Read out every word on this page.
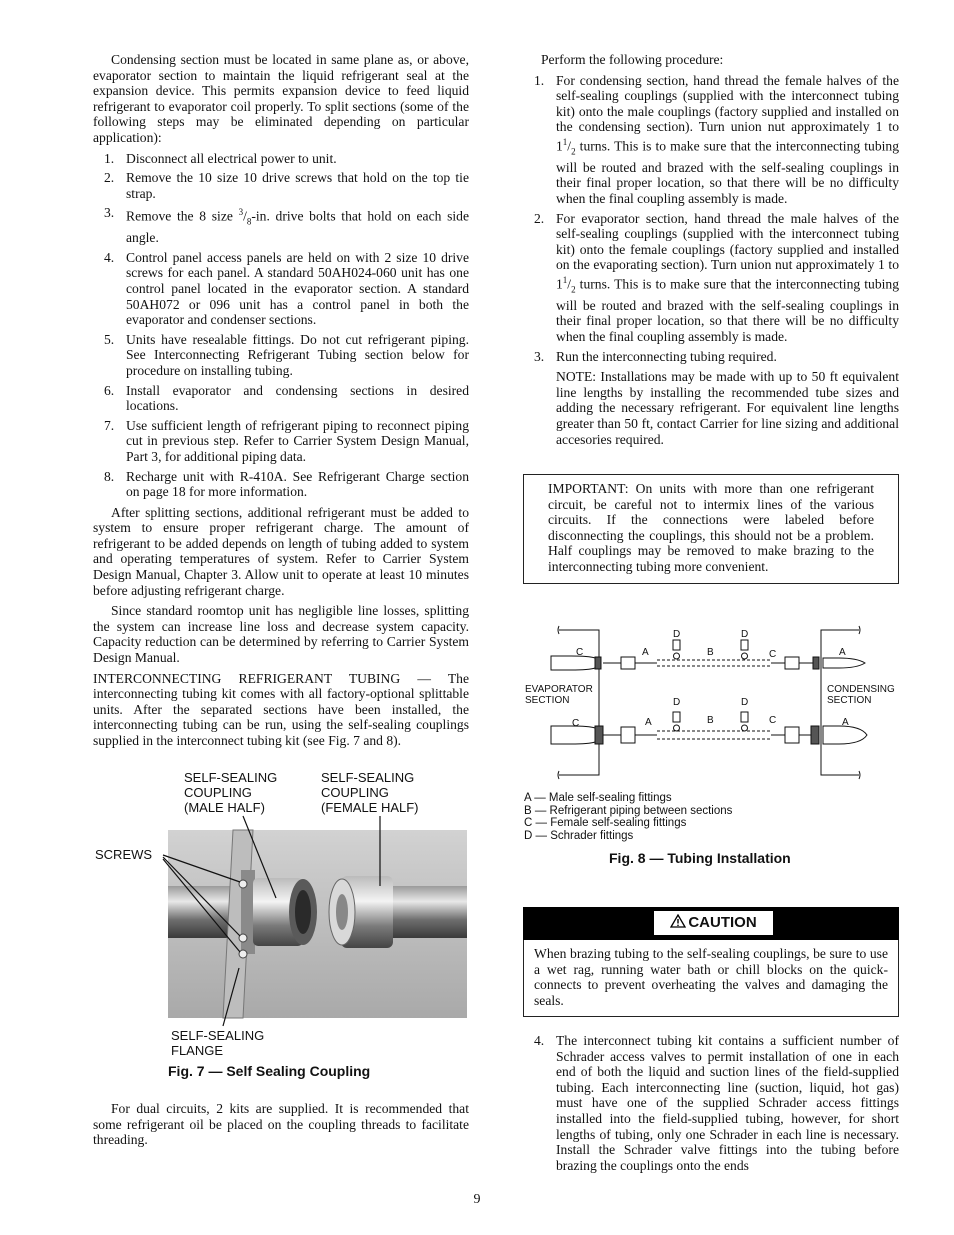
Condensing section must be located in same plane as, or above, evaporator section to maintain the liquid refrigerant seal at the expansion device. This permits expansion device to feed liquid refrigerant to evaporator coil properly. To split sections (some of the following steps may be eliminated depending on particular application):

1. Disconnect all electrical power to unit.
2. Remove the 10 size 10 drive screws that hold on the top tie strap.
3. Remove the 8 size $^3/_8-in$. drive bolts that hold on each side angle.
4. Control panel access panels are held on with 2 size 10 drive screws for each panel. A standard 50AH024-060 unit has one control panel located in the evaporator section. A standard 50AH072 or 096 unit has a control panel in both the evaporator and condenser sections.
5. Units have resealable fittings. Do not cut refrigerant piping. See Interconnecting Refrigerant Tubing section below for procedure on installing tubing.
6. Install evaporator and condensing sections in desired locations.
7. Use sufficient length of refrigerant piping to reconnect piping cut in previous step. Refer to Carrier System Design Manual, Part 3, for additional piping data.
8. Recharge unit with R-410A. See Refrigerant Charge section on page 18 for more information.

After splitting sections, additional refrigerant must be added to system to ensure proper refrigerant charge. The amount of refrigerant to be added depends on length of tubing added to system and operating temperatures of system. Refer to Carrier System Design Manual, Chapter 3. Allow unit to operate at least 10 minutes before adjusting refrigerant charge.

Since standard roomtop unit has negligible line losses, splitting the system can increase line loss and decrease system capacity. Capacity reduction can be determined by referring to Carrier System Design Manual.

INTERCONNECTING REFRIGERANT TUBING — The interconnecting tubing kit comes with all factory-optional splittable units. After the separated sections have been installed, the interconnecting tubing can be run, using the self-sealing couplings supplied in the interconnect tubing kit (see Fig. 7 and 8).

SELF-SEALING
COUPLING
(MALE HALF)
SELF-SEALING
COUPLING
(FEMALE HALF)
SCREWS
SELF-SEALING
FLANGE
Fig. 7 — Self Sealing Coupling

For dual circuits, 2 kits are supplied. It is recommended that some refrigerant oil be placed on the coupling threads to facilitate threading.

Perform the following procedure:

1. For condensing section, hand thread the female halves of the self-sealing couplings (supplied with the interconnect tubing kit) onto the male couplings (factory supplied and installed on the condensing section). Turn union nut approximately 1 to $1^1/_2$ turns. This is to make sure that the interconnecting tubing will be routed and brazed with the self-sealing couplings in their final proper location, so that there will be no difficulty when the final coupling assembly is made.
2. For evaporator section, hand thread the male halves of the self-sealing couplings (supplied with the interconnect tubing kit) onto the female couplings (factory supplied and installed on the evaporating section). Turn union nut approximately 1 to $1^1/_2$ turns. This is to make sure that the interconnecting tubing will be routed and brazed with the self-sealing couplings in their final proper location, so that there will be no difficulty when the final coupling assembly is made.
3. Run the interconnecting tubing required.

NOTE: Installations may be made with up to 50 ft equivalent line lengths by installing the recommended tube sizes and adding the necessary refrigerant. For equivalent line lengths greater than 50 ft, contact Carrier for line sizing and additional accesories required.

IMPORTANT: On units with more than one refrigerant circuit, be careful not to intermix lines of the various circuits. If the connections were labeled before disconnecting the couplings, this should not be a problem. Half couplings may be removed to make brazing to the interconnecting tubing more convenient.
C	A
D
B
D
C	A
EVAPORATOR
SECTION
CONDENSING
SECTION
D	D
C	A	B	C	A
A — Male self-sealing fittings
B — Refrigerant piping between sections
C — Female self-sealing fittings
D — Schrader fittings
Fig. 8 — Tubing Installation
CAUTION
When brazing tubing to the self-sealing couplings, be sure to use a wet rag, running water bath or chill blocks on the quick-connects to prevent overheating the valves and damaging the seals.
4. The interconnect tubing kit contains a sufficient number of Schrader access valves to permit installation of one in each end of both the liquid and suction lines of the field-supplied tubing. Each interconnecting line (suction, liquid, hot gas) must have one of the supplied Schrader access fittings installed into the field-supplied tubing, however, for short lengths of tubing, only one Schrader in each line is necessary. Install the Schrader valve fittings into the tubing before brazing the couplings onto the ends
9
